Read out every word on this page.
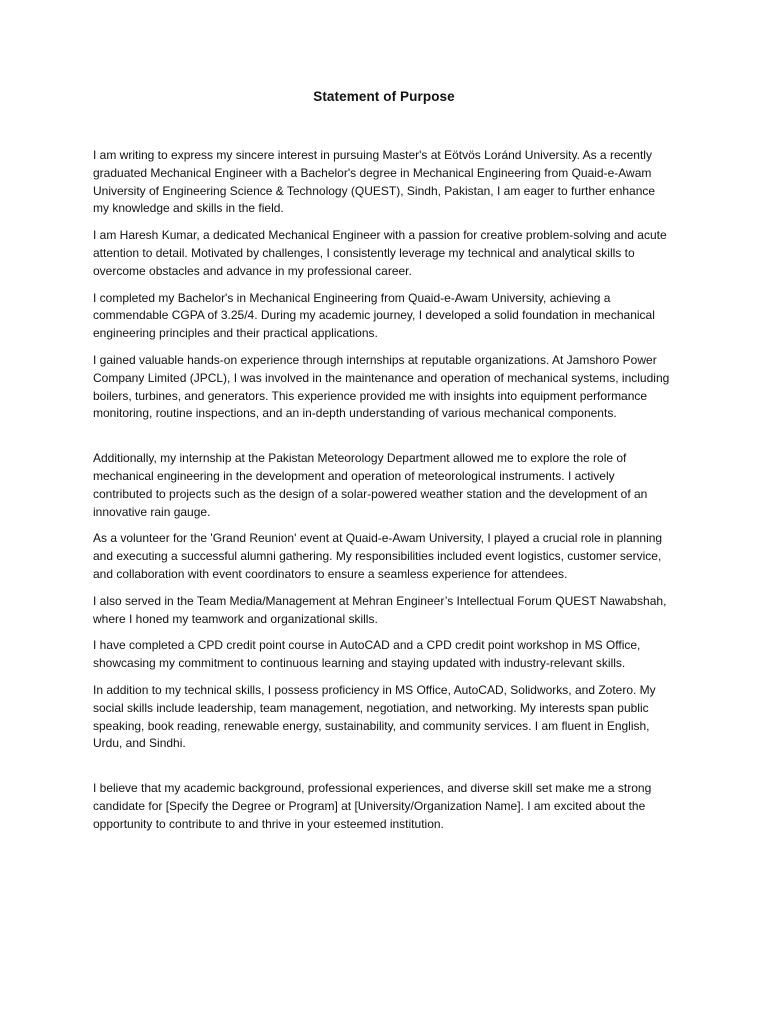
Statement of Purpose

I am writing to express my sincere interest in pursuing Master's at Eötvös Loránd University. As a recently graduated Mechanical Engineer with a Bachelor's degree in Mechanical Engineering from Quaid-e-Awam University of Engineering Science & Technology (QUEST), Sindh, Pakistan, I am eager to further enhance my knowledge and skills in the field.

I am Haresh Kumar, a dedicated Mechanical Engineer with a passion for creative problem-solving and acute attention to detail. Motivated by challenges, I consistently leverage my technical and analytical skills to overcome obstacles and advance in my professional career.

I completed my Bachelor's in Mechanical Engineering from Quaid-e-Awam University, achieving a commendable CGPA of 3.25/4. During my academic journey, I developed a solid foundation in mechanical engineering principles and their practical applications.

I gained valuable hands-on experience through internships at reputable organizations. At Jamshoro Power Company Limited (JPCL), I was involved in the maintenance and operation of mechanical systems, including boilers, turbines, and generators. This experience provided me with insights into equipment performance monitoring, routine inspections, and an in-depth understanding of various mechanical components.

Additionally, my internship at the Pakistan Meteorology Department allowed me to explore the role of mechanical engineering in the development and operation of meteorological instruments. I actively contributed to projects such as the design of a solar-powered weather station and the development of an innovative rain gauge.

As a volunteer for the 'Grand Reunion' event at Quaid-e-Awam University, I played a crucial role in planning and executing a successful alumni gathering. My responsibilities included event logistics, customer service, and collaboration with event coordinators to ensure a seamless experience for attendees.

I also served in the Team Media/Management at Mehran Engineer’s Intellectual Forum QUEST Nawabshah, where I honed my teamwork and organizational skills.

I have completed a CPD credit point course in AutoCAD and a CPD credit point workshop in MS Office, showcasing my commitment to continuous learning and staying updated with industry-relevant skills.

In addition to my technical skills, I possess proficiency in MS Office, AutoCAD, Solidworks, and Zotero. My social skills include leadership, team management, negotiation, and networking. My interests span public speaking, book reading, renewable energy, sustainability, and community services. I am fluent in English, Urdu, and Sindhi.

I believe that my academic background, professional experiences, and diverse skill set make me a strong candidate for [Specify the Degree or Program] at [University/Organization Name]. I am excited about the opportunity to contribute to and thrive in your esteemed institution.
